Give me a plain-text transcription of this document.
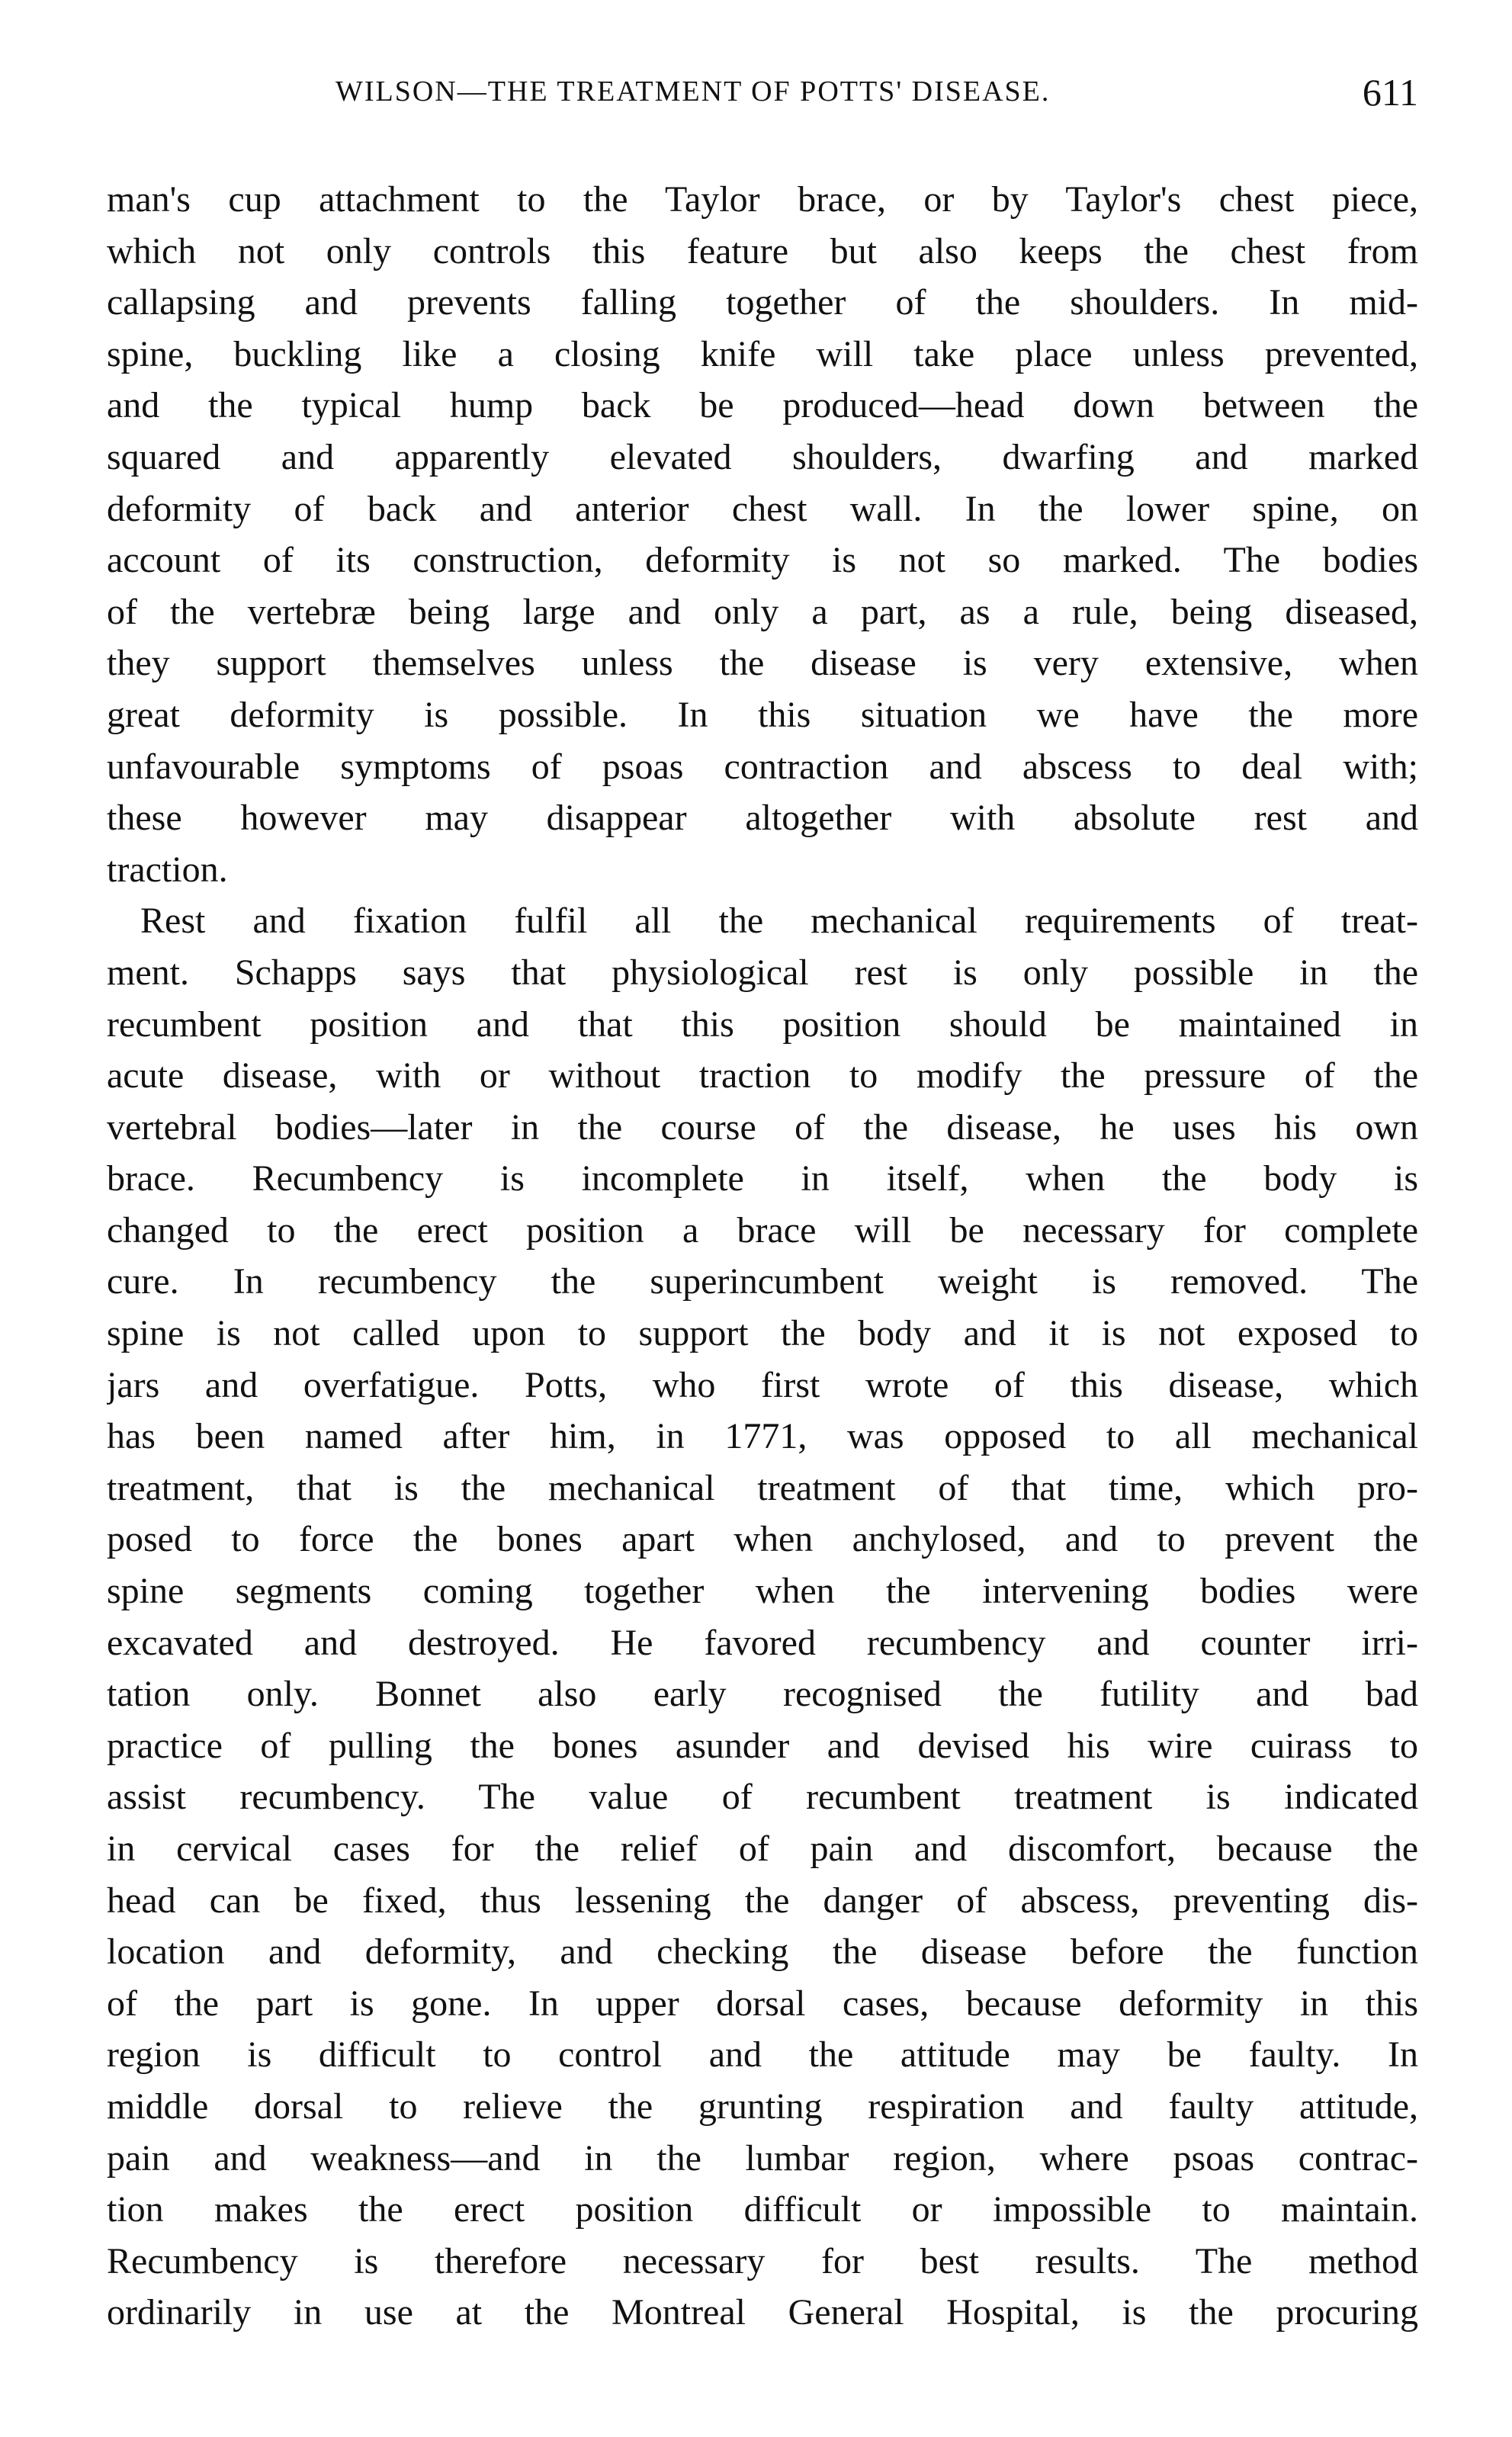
WILSON—THE TREATMENT OF POTTS' DISEASE.	611
man's cup attachment to the Taylor brace, or by Taylor's chest piece,
which not only controls this feature but also keeps the chest from
callapsing and prevents falling together of the shoulders. In mid-
spine, buckling like a closing knife will take place unless prevented,
and the typical hump back be produced—head down between the
squared and apparently elevated shoulders, dwarfing and marked
deformity of back and anterior chest wall. In the lower spine, on
account of its construction, deformity is not so marked. The bodies
of the vertebræ being large and only a part, as a rule, being diseased,
they support themselves unless the disease is very extensive, when
great deformity is possible. In this situation we have the more
unfavourable symptoms of psoas contraction and abscess to deal with;
these however may disappear altogether with absolute rest and
traction.
Rest and fixation fulfil all the mechanical requirements of treat-
ment. Schapps says that physiological rest is only possible in the
recumbent position and that this position should be maintained in
acute disease, with or without traction to modify the pressure of the
vertebral bodies—later in the course of the disease, he uses his own
brace. Recumbency is incomplete in itself, when the body is
changed to the erect position a brace will be necessary for complete
cure. In recumbency the superincumbent weight is removed. The
spine is not called upon to support the body and it is not exposed to
jars and overfatigue. Potts, who first wrote of this disease, which
has been named after him, in 1771, was opposed to all mechanical
treatment, that is the mechanical treatment of that time, which pro-
posed to force the bones apart when anchylosed, and to prevent the
spine segments coming together when the intervening bodies were
excavated and destroyed. He favored recumbency and counter irri-
tation only. Bonnet also early recognised the futility and bad
practice of pulling the bones asunder and devised his wire cuirass to
assist recumbency. The value of recumbent treatment is indicated
in cervical cases for the relief of pain and discomfort, because the
head can be fixed, thus lessening the danger of abscess, preventing dis-
location and deformity, and checking the disease before the function
of the part is gone. In upper dorsal cases, because deformity in this
region is difficult to control and the attitude may be faulty. In
middle dorsal to relieve the grunting respiration and faulty attitude,
pain and weakness—and in the lumbar region, where psoas contrac-
tion makes the erect position difficult or impossible to maintain.
Recumbency is therefore necessary for best results. The method
ordinarily in use at the Montreal General Hospital, is the procuring
